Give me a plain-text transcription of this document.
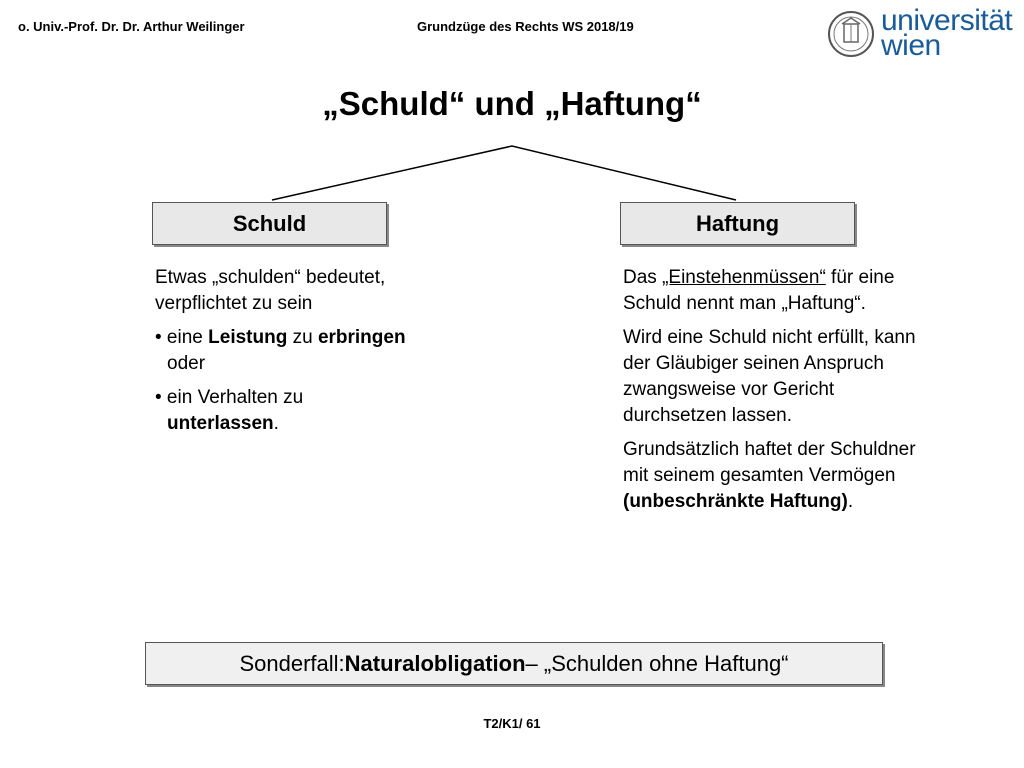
o. Univ.-Prof. Dr. Dr. Arthur Weilinger	Grundzüge des Rechts WS 2018/19	universität
wien
„Schuld“ und „Haftung“
Schuld	Haftung

Etwas „schulden“ bedeutet, verpflichtet zu sein

• eine Leistung zu erbringen oder

• ein Verhalten zu unterlassen.

Das „Einstehenmüssen“ für eine Schuld nennt man „Haftung“.

Wird eine Schuld nicht erfüllt, kann der Gläubiger seinen Anspruch zwangsweise vor Gericht durchsetzen lassen.

Grundsätzlich haftet der Schuldner mit seinem gesamten Vermögen (unbeschränkte Haftung).

Sonderfall: Naturalobligation – „Schulden ohne Haftung“
T2/K1/ 61
